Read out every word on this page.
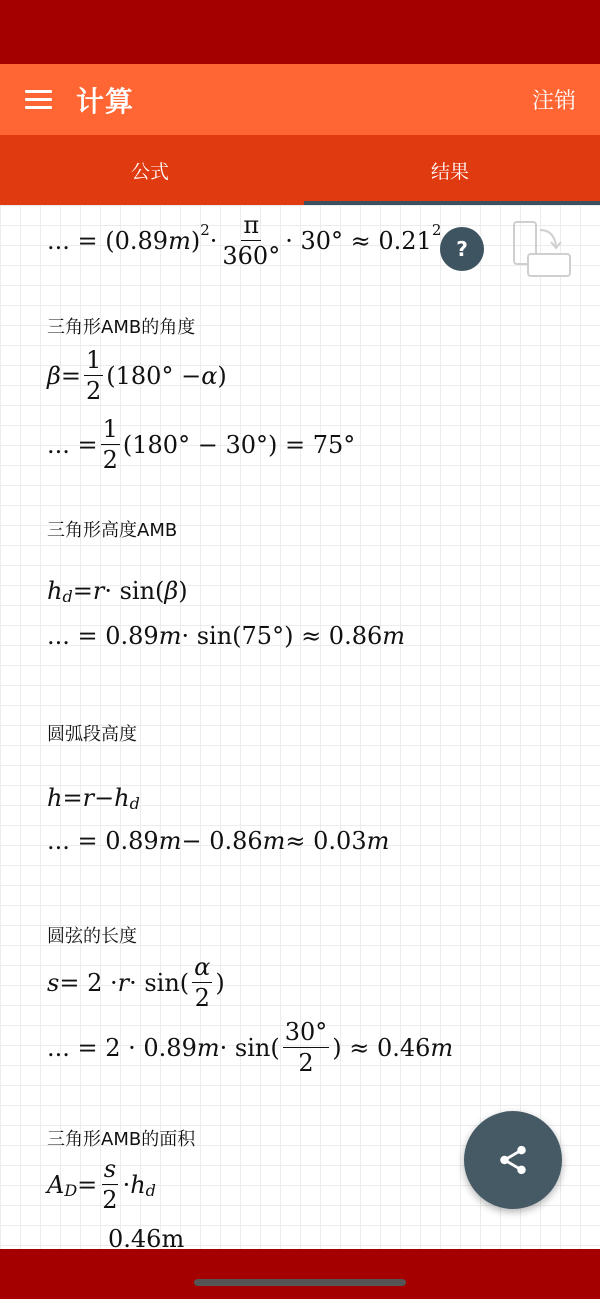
计算	注销
公式	结果
... = (0.89 m ) $2 \cdot \frac{\pi}{360^\circ} \cdot 30^\circ \approx 0.21$ 2
三角形AMB的角度
$\beta = \frac{1}{2} (180^\circ - \alpha$ )
... = $\frac{1}{2} (180^\circ - 30^\circ) = 75^\circ$
三角形高度AMB
h d = r · sin( β )
... = 0.89 m · sin(75°) ≈ 0.86 m
圆弧段高度
h = r − h d
... = 0.89 m − 0.86 m ≈ 0.03 m
圆弦的长度
$s = 2 \cdot r \cdot \sin( \frac{\alpha}{2}$ )
... = 2 · 0.89 $m \cdot \sin( \frac{30^\circ}{2}$ ) ≈ 0.46 m
三角形AMB的面积
A $D = \frac{s}{2} \cdot h$ d
0.46m
?
